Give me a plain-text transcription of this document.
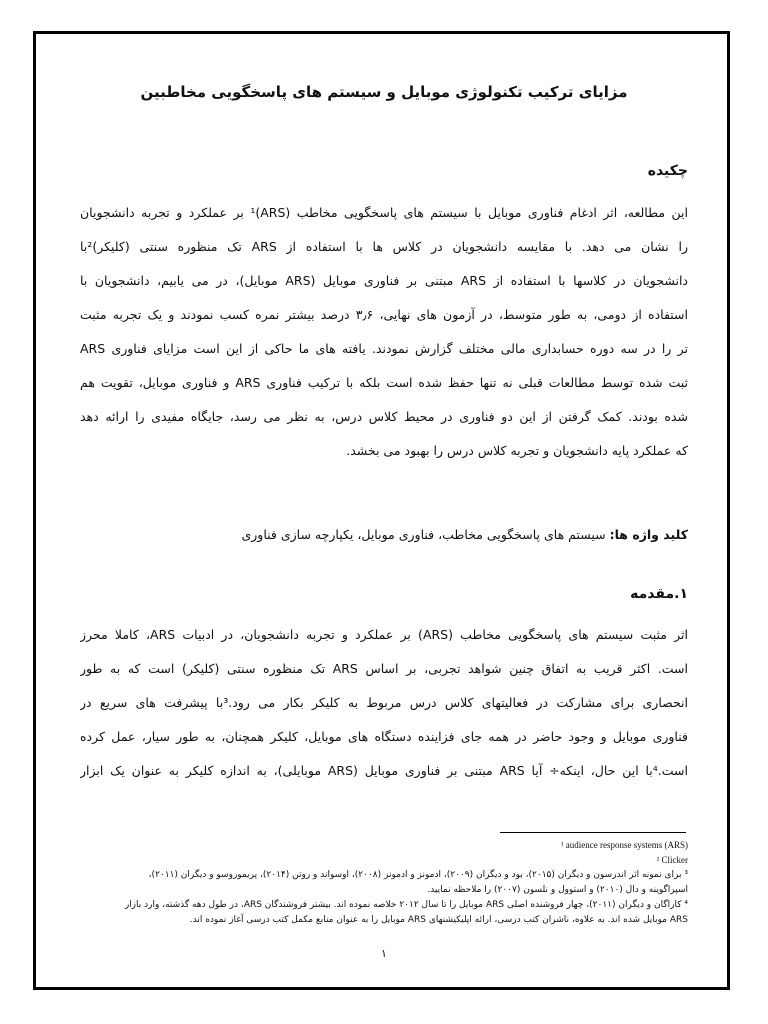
مزایای ترکیب تکنولوژی موبایل و سیستم های پاسخگویی مخاطبین
چکیده
این مطالعه، اثر ادغام فناوری موبایل با سیستم های پاسخگویی مخاطب (ARS)¹ بر عملکرد و تجربه دانشجویان
را نشان می دهد. با مقایسه دانشجویان در کلاس ها با استفاده از ARS تک منظوره سنتی (کلیکر)²با
دانشجویان در کلاسها با استفاده از ARS مبتنی بر فناوری موبایل (ARS موبایل)، در می یابیم، دانشجویان با
استفاده از دومی، به طور متوسط، در آزمون های نهایی، ۳٫۶ درصد بیشتر نمره کسب نمودند و یک تجربه مثبت
تر را در سه دوره حسابداری مالی مختلف گزارش نمودند. یافته های ما حاکی از این است مزایای فناوری ARS
ثبت شده توسط مطالعات قبلی نه تنها حفظ شده است بلکه با ترکیب فناوری ARS و فناوری موبایل، تقویت هم
شده بودند. کمک گرفتن از این دو فناوری در محیط کلاس درس، به نظر می رسد، جایگاه مفیدی را ارائه دهد
که عملکرد پایه دانشجویان و تجربه کلاس درس را بهبود می بخشد.
کلید واژه ها: سیستم های پاسخگویی مخاطب، فناوری موبایل، یکپارچه سازی فناوری
۱.مقدمه
اثر مثبت سیستم های پاسخگویی مخاطب (ARS) بر عملکرد و تجربه دانشجویان، در ادبیات ARS، کاملا محرز
است. اکثر قریب به اتفاق چنین شواهد تجربی، بر اساس ARS تک منظوره سنتی (کلیکر) است که به طور
انحصاری برای مشارکت در فعالیتهای کلاس درس مربوط به کلیکر بکار می رود.³با پیشرفت های سریع در
فناوری موبایل و وجود حاضر در همه جای فزاینده دستگاه های موبایل، کلیکر همچنان، به طور سیار، عمل کرده
است.⁴با این حال، اینکه÷ آیا ARS مبتنی بر فناوری موبایل (ARS موبایلی)، به اندازه کلیکر به عنوان یک ابزار
¹ audience response systems (ARS)
² Clicker
³ برای نمونه اثر اندرسون و دیگران (۲۰۱۵)، بود و دیگران (۲۰۰۹)، ادمونز و ادمونز (۲۰۰۸)، اوسواند و روتن (۲۰۱۴)، پریموروسو و دیگران (۲۰۱۱)،
اسپراگوینه و دال (۲۰۱۰) و استوول و نلسون (۲۰۰۷) را ملاحظه نمایید.
⁴ کاراگان و دیگران (۲۰۱۱)، چهار فروشنده اصلی ARS موبایل را تا سال ۲۰۱۲ خلاصه نموده اند. بیشتر فروشندگان ARS، در طول دهه گذشته، وارد بازار
ARS موبایل شده اند. به علاوه، ناشران کتب درسی، ارائه اپلیکیشنهای ARS موبایل را به عنوان منابع مکمل کتب درسی آغاز نموده اند.
۱
